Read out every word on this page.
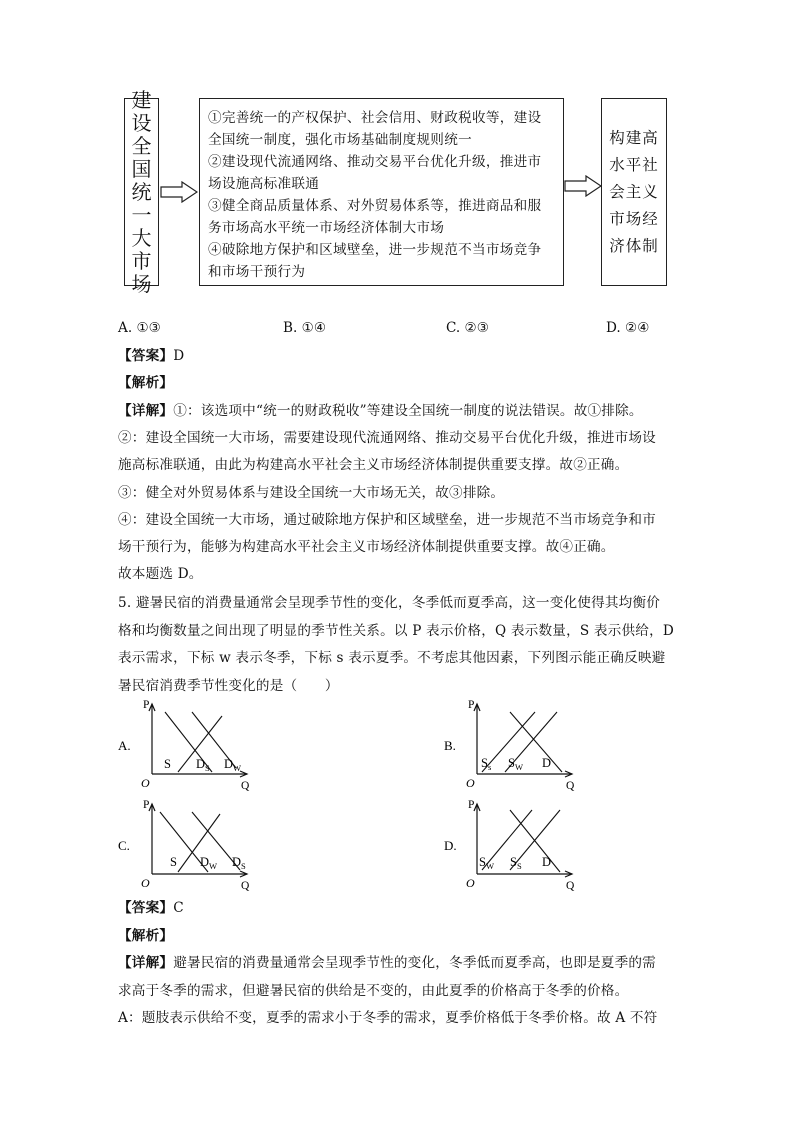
建
设
全
国
统
一
大
市
场
①完善统一的产权保护、社会信用、财政税收等，建设
全国统一制度，强化市场基础制度规则统一
②建设现代流通网络、推动交易平台优化升级，推进市
场设施高标准联通
③健全商品质量体系、对外贸易体系等，推进商品和服
务市场高水平统一市场经济体制大市场
④破除地方保护和区域壁垒，进一步规范不当市场竞争
和市场干预行为
构建高
水平社
会主义
市场经
济体制
A. ①③	B. ①④	C. ②③	D. ②④
【答案】D
【解析】
【详解】①：该选项中“统一的财政税收”等建设全国统一制度的说法错误。故①排除。
②：建设全国统一大市场，需要建设现代流通网络、推动交易平台优化升级，推进市场设
施高标准联通，由此为构建高水平社会主义市场经济体制提供重要支撑。故②正确。
③：健全对外贸易体系与建设全国统一大市场无关，故③排除。
④：建设全国统一大市场，通过破除地方保护和区域壁垒，进一步规范不当市场竞争和市
场干预行为，能够为构建高水平社会主义市场经济体制提供重要支撑。故④正确。
故本题选 D。
5. 避暑民宿的消费量通常会呈现季节性的变化，冬季低而夏季高，这一变化使得其均衡价
格和均衡数量之间出现了明显的季节性关系。以 P 表示价格，Q 表示数量，S 表示供给，D
表示需求，下标 w 表示冬季，下标 s 表示夏季。不考虑其他因素，下列图示能正确反映避
暑民宿消费季节性变化的是（　　）
P
Q
O
A.
S $D_S$ $D_W$
P
Q
O
B.
$S_s$ $S_W$ D
P
Q
O
C.
S $D_W$ $D_S$
P
Q
O
D.
$S_W$ $S_S$ D
【答案】C
【解析】
【详解】避暑民宿的消费量通常会呈现季节性的变化，冬季低而夏季高，也即是夏季的需
求高于冬季的需求，但避暑民宿的供给是不变的，由此夏季的价格高于冬季的价格。
A：题肢表示供给不变，夏季的需求小于冬季的需求，夏季价格低于冬季价格。故 A 不符
